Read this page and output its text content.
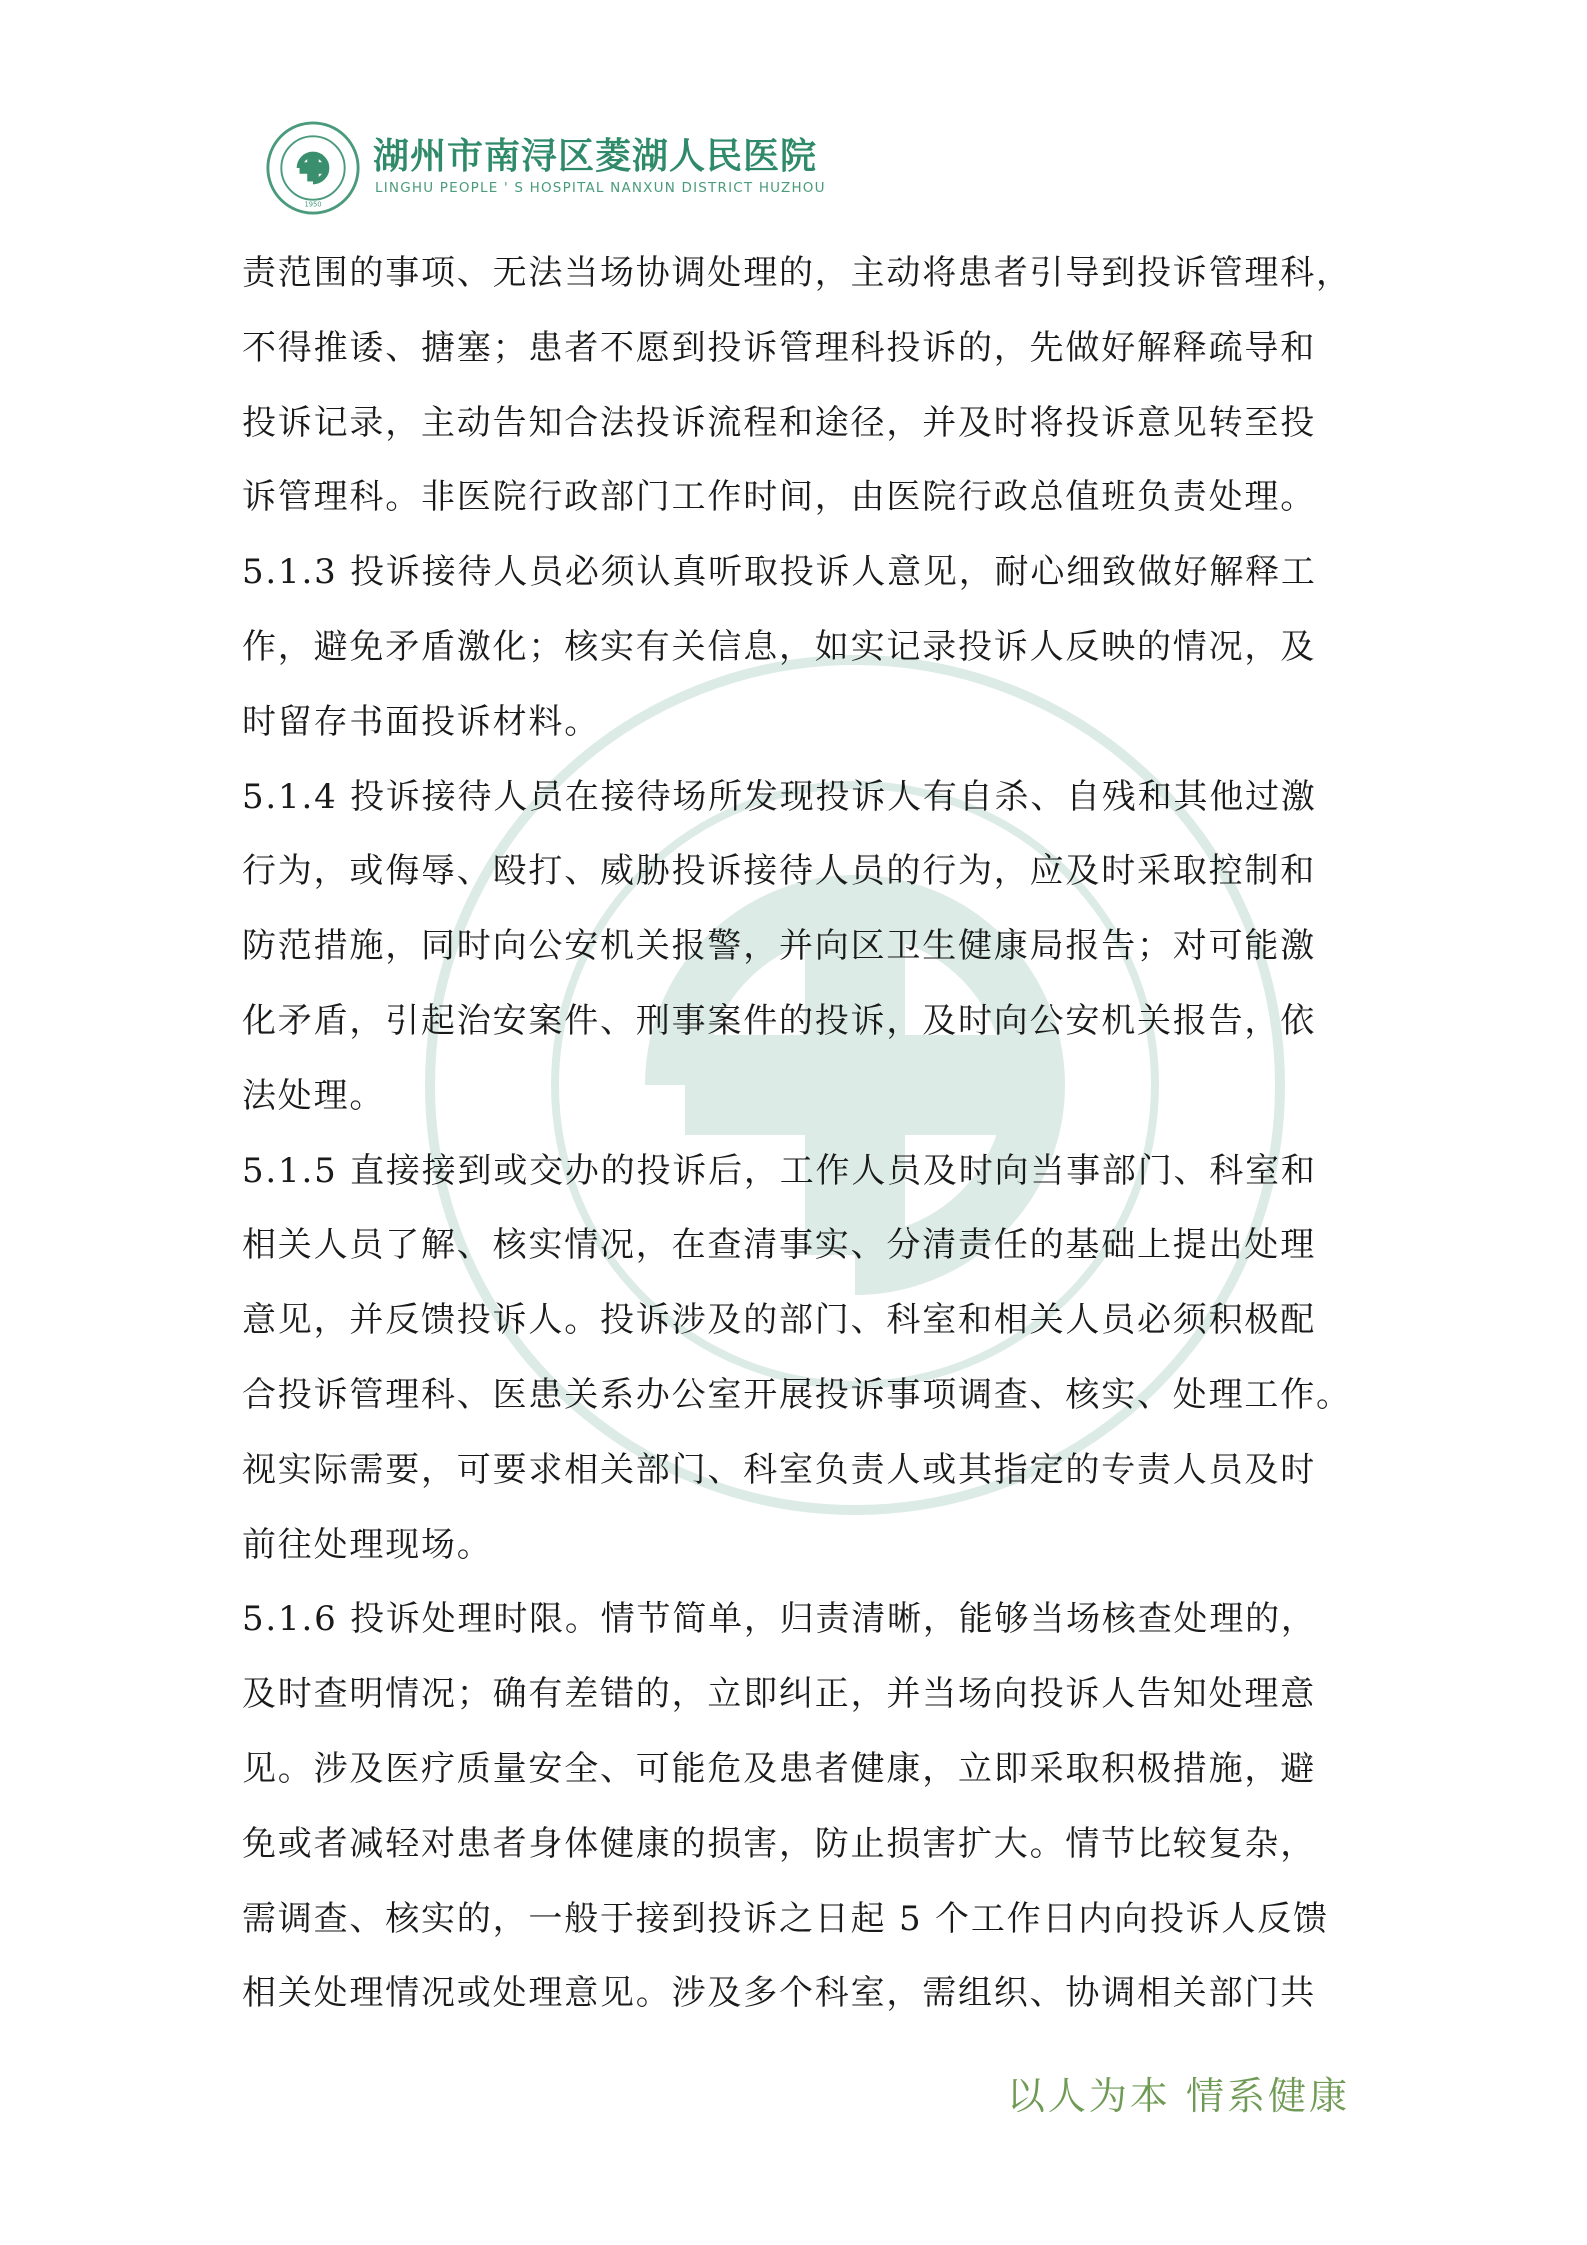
1950
湖州市南浔区菱湖人民医院
LINGHU PEOPLE ' S HOSPITAL NANXUN DISTRICT HUZHOU
责范围的事项、无法当场协调处理的，主动将患者引导到投诉管理科，
不得推诿、搪塞；患者不愿到投诉管理科投诉的，先做好解释疏导和
投诉记录，主动告知合法投诉流程和途径，并及时将投诉意见转至投
诉管理科。非医院行政部门工作时间，由医院行政总值班负责处理。
5.1.3 投诉接待人员必须认真听取投诉人意见，耐心细致做好解释工
作，避免矛盾激化；核实有关信息，如实记录投诉人反映的情况，及
时留存书面投诉材料。
5.1.4 投诉接待人员在接待场所发现投诉人有自杀、自残和其他过激
行为，或侮辱、殴打、威胁投诉接待人员的行为，应及时采取控制和
防范措施，同时向公安机关报警，并向区卫生健康局报告；对可能激
化矛盾，引起治安案件、刑事案件的投诉，及时向公安机关报告，依
法处理。
5.1.5 直接接到或交办的投诉后，工作人员及时向当事部门、科室和
相关人员了解、核实情况，在查清事实、分清责任的基础上提出处理
意见，并反馈投诉人。投诉涉及的部门、科室和相关人员必须积极配
合投诉管理科、医患关系办公室开展投诉事项调查、核实、处理工作。
视实际需要，可要求相关部门、科室负责人或其指定的专责人员及时
前往处理现场。
5.1.6 投诉处理时限。情节简单，归责清晰，能够当场核查处理的，
及时查明情况；确有差错的，立即纠正，并当场向投诉人告知处理意
见。涉及医疗质量安全、可能危及患者健康，立即采取积极措施，避
免或者减轻对患者身体健康的损害，防止损害扩大。情节比较复杂，
需调查、核实的，一般于接到投诉之日起 5 个工作日内向投诉人反馈
相关处理情况或处理意见。涉及多个科室，需组织、协调相关部门共
以人为本 情系健康
